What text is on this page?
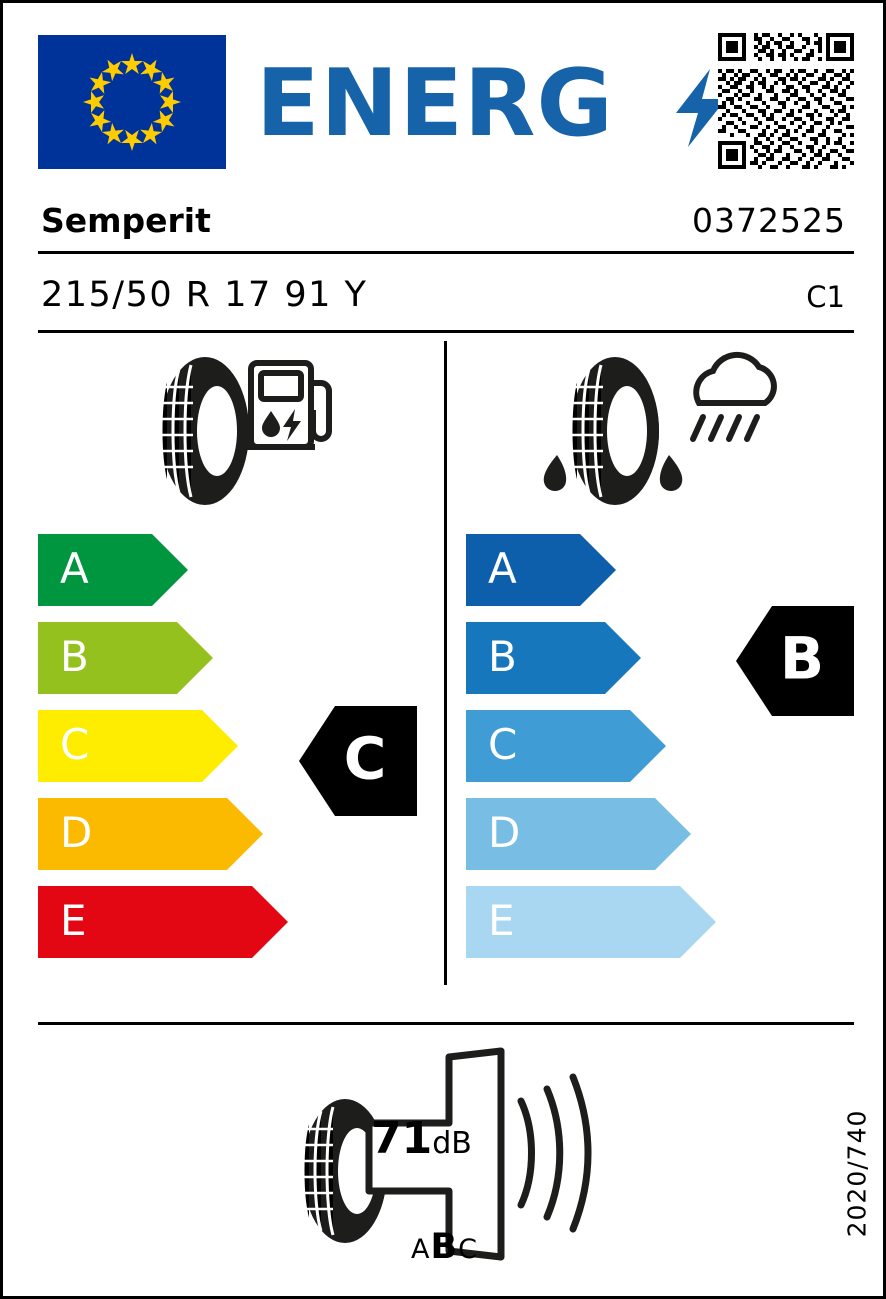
ENERG
Semperit	0372525
215/50 R 17 91 Y	C1
A
B
C
D
E
A
B
C
D
E
C
B
71dB
ABC
2020/740
